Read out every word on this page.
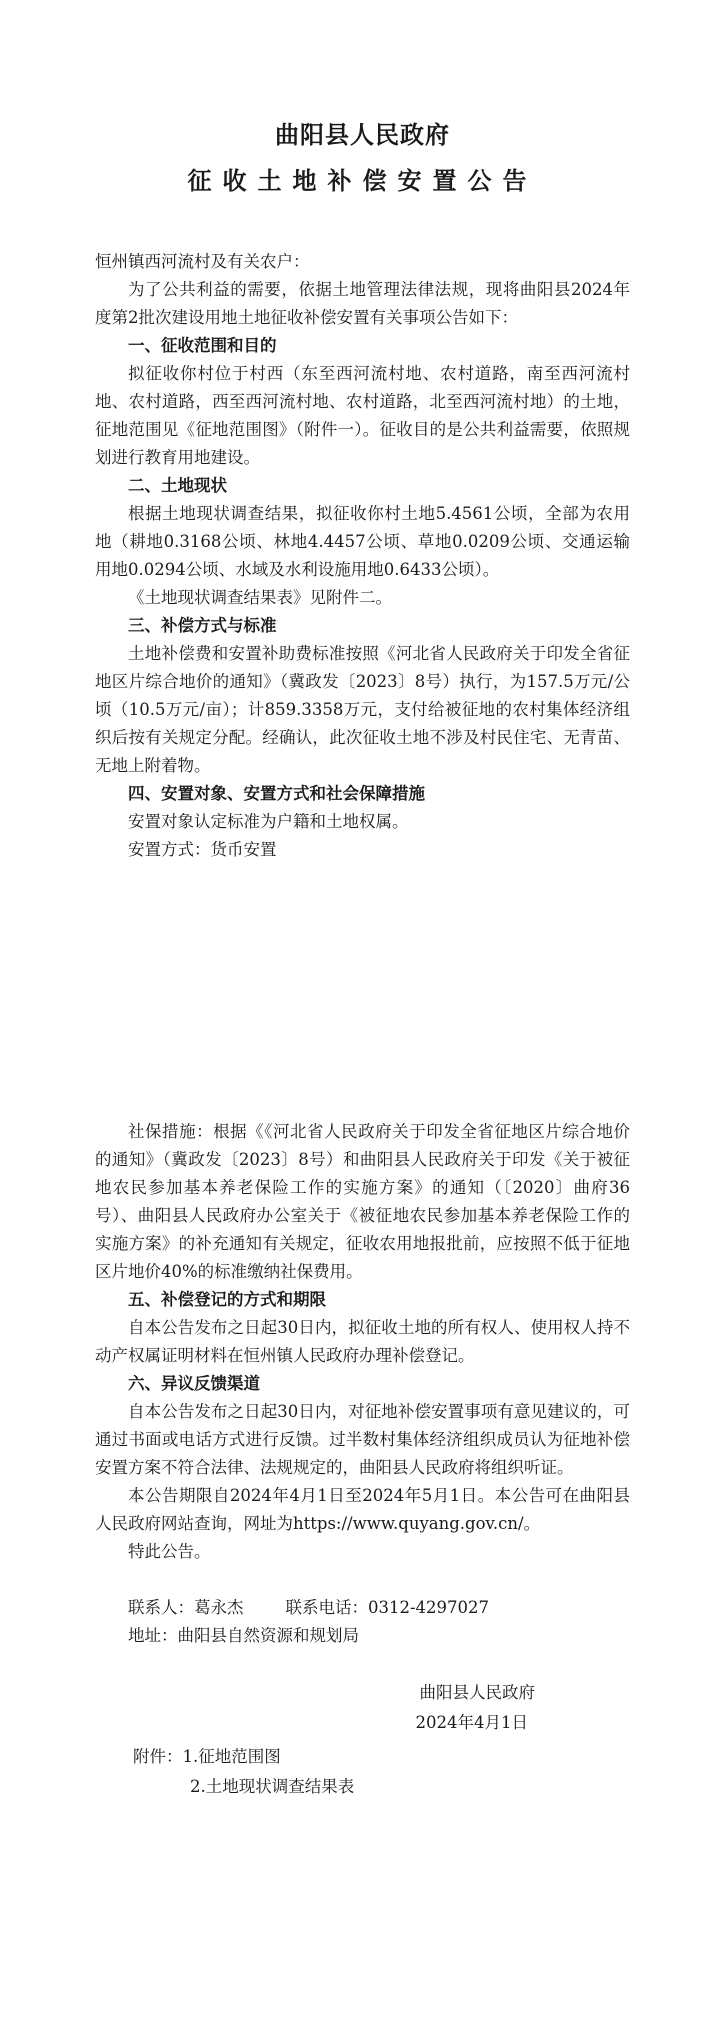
曲阳县人民政府
征收土地补偿安置公告
恒州镇西河流村及有关农户：

为了公共利益的需要，依据土地管理法律法规，现将曲阳县2024年度第2批次建设用地土地征收补偿安置有关事项公告如下：

一、征收范围和目的

拟征收你村位于村西（东至西河流村地、农村道路，南至西河流村地、农村道路，西至西河流村地、农村道路，北至西河流村地）的土地，征地范围见《征地范围图》（附件一）。征收目的是公共利益需要，依照规划进行教育用地建设。

二、土地现状

根据土地现状调查结果，拟征收你村土地5.4561公顷，全部为农用地（耕地0.3168公顷、林地4.4457公顷、草地0.0209公顷、交通运输用地0.0294公顷、水域及水利设施用地0.6433公顷）。

《土地现状调查结果表》见附件二。

三、补偿方式与标准

土地补偿费和安置补助费标准按照《河北省人民政府关于印发全省征地区片综合地价的通知》（冀政发〔2023〕8号）执行，为157.5万元/公顷（10.5万元/亩）；计859.3358万元，支付给被征地的农村集体经济组织后按有关规定分配。经确认，此次征收土地不涉及村民住宅、无青苗、无地上附着物。

四、安置对象、安置方式和社会保障措施

安置对象认定标准为户籍和土地权属。

安置方式：货币安置

社保措施：根据《《河北省人民政府关于印发全省征地区片综合地价的通知》（冀政发〔2023〕8号）和曲阳县人民政府关于印发《关于被征地农民参加基本养老保险工作的实施方案》的通知（〔2020〕曲府36号）、曲阳县人民政府办公室关于《被征地农民参加基本养老保险工作的实施方案》的补充通知有关规定，征收农用地报批前，应按照不低于征地区片地价40%的标准缴纳社保费用。

五、补偿登记的方式和期限

自本公告发布之日起30日内，拟征收土地的所有权人、使用权人持不动产权属证明材料在恒州镇人民政府办理补偿登记。

六、异议反馈渠道

自本公告发布之日起30日内，对征地补偿安置事项有意见建议的，可通过书面或电话方式进行反馈。过半数村集体经济组织成员认为征地补偿安置方案不符合法律、法规规定的，曲阳县人民政府将组织听证。

本公告期限自2024年4月1日至2024年5月1日。本公告可在曲阳县人民政府网站查询，网址为https://www.quyang.gov.cn/。

特此公告。

联系人：葛永杰        联系电话：0312-4297027
地址：曲阳县自然资源和规划局
曲阳县人民政府
2024年4月1日
附件：1.征地范围图
2.土地现状调查结果表
